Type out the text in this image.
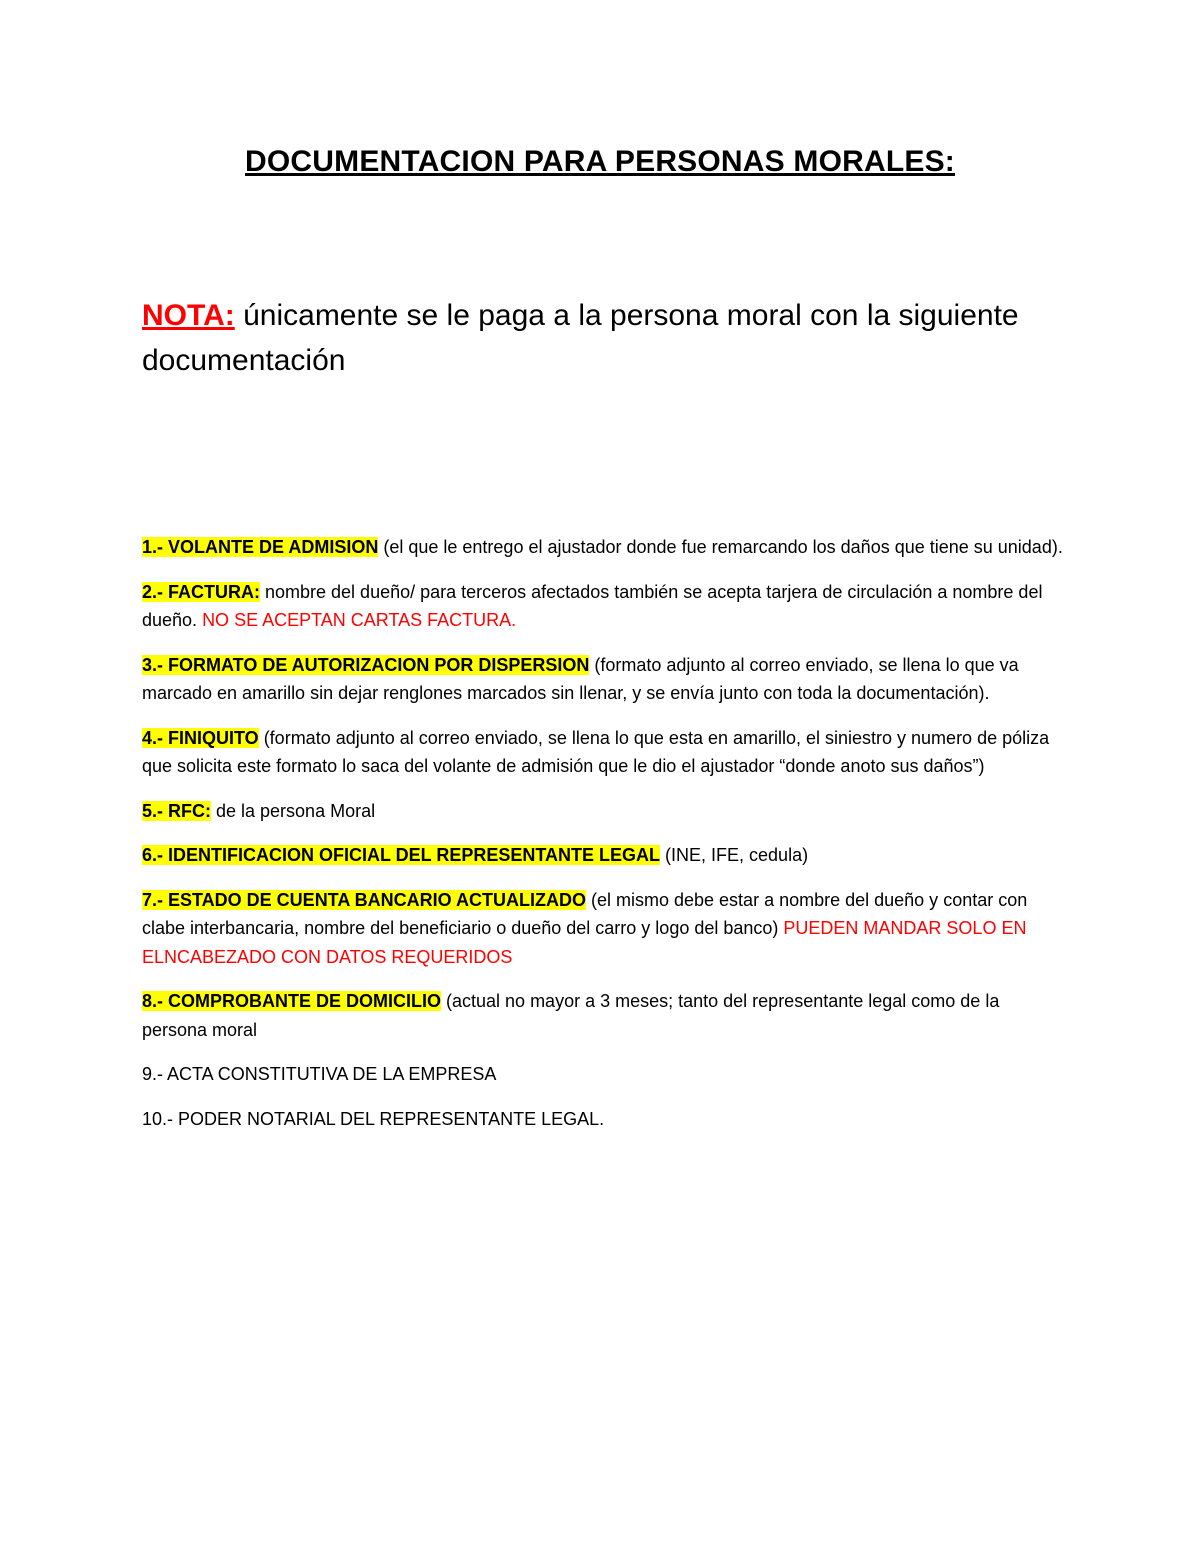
DOCUMENTACION PARA PERSONAS MORALES:
NOTA: únicamente se le paga a la persona moral con la siguiente documentación

1.- VOLANTE DE ADMISION (el que le entrego el ajustador donde fue remarcando los daños que tiene su unidad).

2.- FACTURA: nombre del dueño/ para terceros afectados también se acepta tarjera de circulación a nombre del dueño. NO SE ACEPTAN CARTAS FACTURA.

3.- FORMATO DE AUTORIZACION POR DISPERSION (formato adjunto al correo enviado, se llena lo que va marcado en amarillo sin dejar renglones marcados sin llenar, y se envía junto con toda la documentación).

4.- FINIQUITO (formato adjunto al correo enviado, se llena lo que esta en amarillo, el siniestro y numero de póliza que solicita este formato lo saca del volante de admisión que le dio el ajustador “donde anoto sus daños”)

5.- RFC: de la persona Moral

6.- IDENTIFICACION OFICIAL DEL REPRESENTANTE LEGAL (INE, IFE, cedula)

7.- ESTADO DE CUENTA BANCARIO ACTUALIZADO (el mismo debe estar a nombre del dueño y contar con clabe interbancaria, nombre del beneficiario o dueño del carro y logo del banco) PUEDEN MANDAR SOLO EN ELNCABEZADO CON DATOS REQUERIDOS

8.- COMPROBANTE DE DOMICILIO (actual no mayor a 3 meses; tanto del representante legal como de la persona moral

9.- ACTA CONSTITUTIVA DE LA EMPRESA

10.- PODER NOTARIAL DEL REPRESENTANTE LEGAL.
